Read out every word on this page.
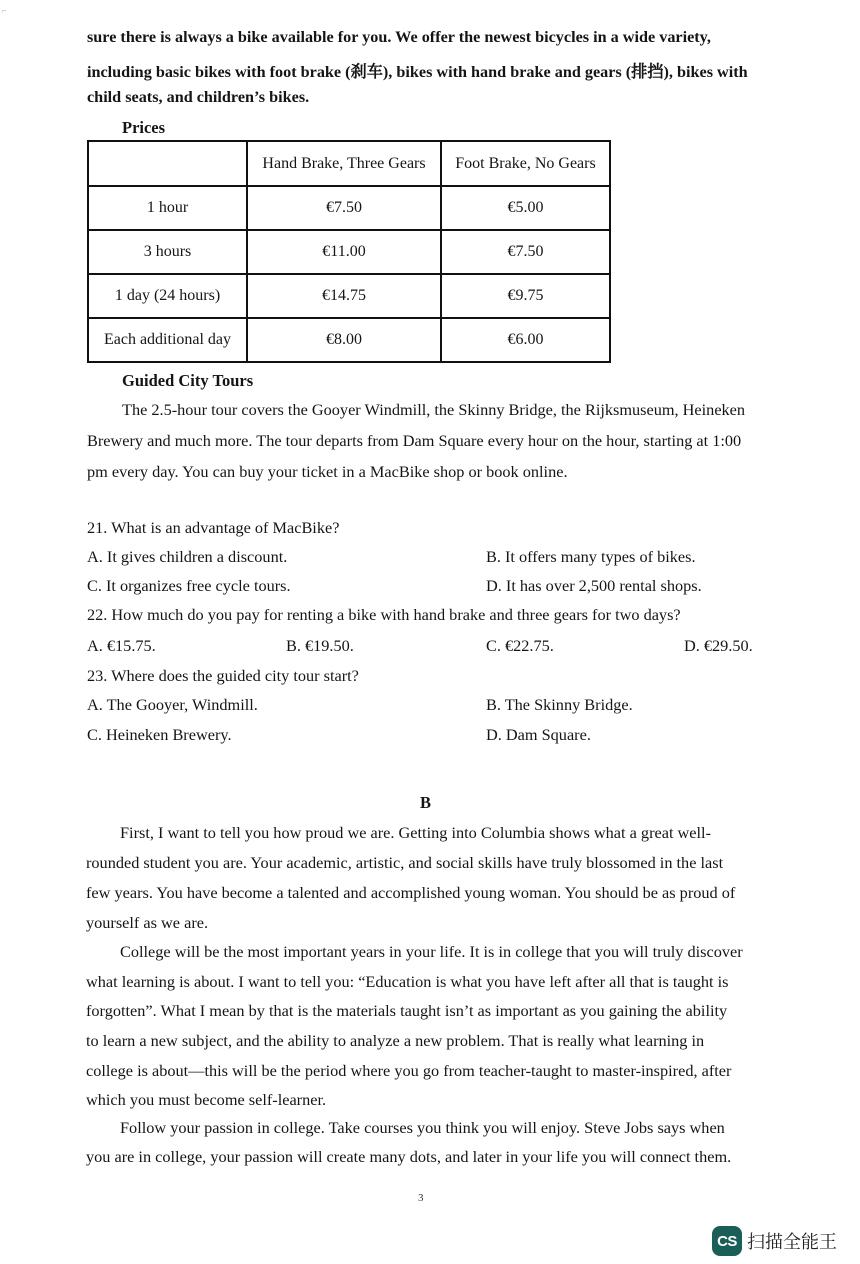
⌐
sure there is always a bike available for you. We offer the newest bicycles in a wide variety,
including basic bikes with foot brake (刹车), bikes with hand brake and gears (排挡), bikes with
child seats, and children’s bikes.
Prices
	Hand Brake, Three Gears	Foot Brake, No Gears
1 hour	€7.50	€5.00
3 hours	€11.00	€7.50
1 day (24 hours)	€14.75	€9.75
Each additional day	€8.00	€6.00
Guided City Tours
The 2.5-hour tour covers the Gooyer Windmill, the Skinny Bridge, the Rijksmuseum, Heineken
Brewery and much more. The tour departs from Dam Square every hour on the hour, starting at 1:00
pm every day. You can buy your ticket in a MacBike shop or book online.
21. What is an advantage of MacBike?
A. It gives children a discount.	B. It offers many types of bikes.
C. It organizes free cycle tours.	D. It has over 2,500 rental shops.
22. How much do you pay for renting a bike with hand brake and three gears for two days?
A. €15.75.	B. €19.50.	C. €22.75.	D. €29.50.
23. Where does the guided city tour start?
A. The Gooyer, Windmill.	B. The Skinny Bridge.
C. Heineken Brewery.	D. Dam Square.
B
First, I want to tell you how proud we are. Getting into Columbia shows what a great well-
rounded student you are. Your academic, artistic, and social skills have truly blossomed in the last
few years. You have become a talented and accomplished young woman. You should be as proud of
yourself as we are.
College will be the most important years in your life. It is in college that you will truly discover
what learning is about. I want to tell you: “Education is what you have left after all that is taught is
forgotten”. What I mean by that is the materials taught isn’t as important as you gaining the ability
to learn a new subject, and the ability to analyze a new problem. That is really what learning in
college is about—this will be the period where you go from teacher-taught to master-inspired, after
which you must become self-learner.
Follow your passion in college. Take courses you think you will enjoy. Steve Jobs says when
you are in college, your passion will create many dots, and later in your life you will connect them.
3
CS 扫描全能王
